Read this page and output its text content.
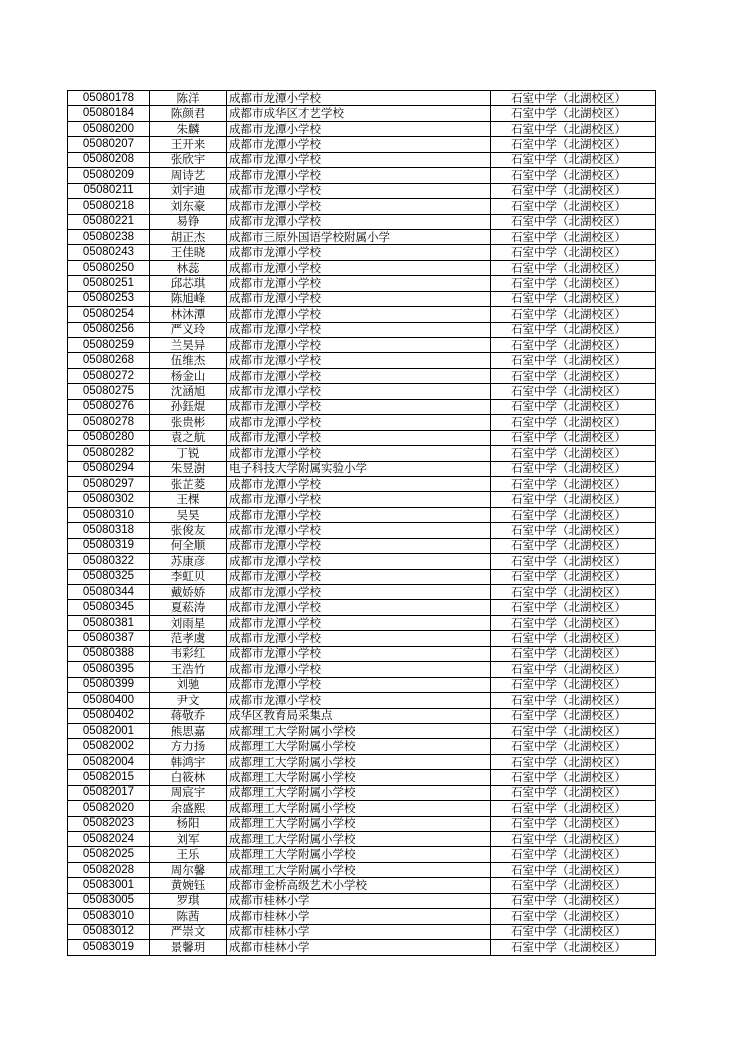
05080178	陈洋	成都市龙潭小学校	石室中学（北湖校区）
05080184	陈颜君	成都市成华区才艺学校	石室中学（北湖校区）
05080200	朱麟	成都市龙潭小学校	石室中学（北湖校区）
05080207	王开来	成都市龙潭小学校	石室中学（北湖校区）
05080208	张欣宇	成都市龙潭小学校	石室中学（北湖校区）
05080209	周诗艺	成都市龙潭小学校	石室中学（北湖校区）
05080211	刘宇迪	成都市龙潭小学校	石室中学（北湖校区）
05080218	刘东豪	成都市龙潭小学校	石室中学（北湖校区）
05080221	易铮	成都市龙潭小学校	石室中学（北湖校区）
05080238	胡正杰	成都市三原外国语学校附属小学	石室中学（北湖校区）
05080243	王佳晓	成都市龙潭小学校	石室中学（北湖校区）
05080250	林蕊	成都市龙潭小学校	石室中学（北湖校区）
05080251	邱芯琪	成都市龙潭小学校	石室中学（北湖校区）
05080253	陈旭峰	成都市龙潭小学校	石室中学（北湖校区）
05080254	林沐潭	成都市龙潭小学校	石室中学（北湖校区）
05080256	严义玲	成都市龙潭小学校	石室中学（北湖校区）
05080259	兰昊异	成都市龙潭小学校	石室中学（北湖校区）
05080268	伍维杰	成都市龙潭小学校	石室中学（北湖校区）
05080272	杨金山	成都市龙潭小学校	石室中学（北湖校区）
05080275	沈涵旭	成都市龙潭小学校	石室中学（北湖校区）
05080276	孙鈺焜	成都市龙潭小学校	石室中学（北湖校区）
05080278	张贵彬	成都市龙潭小学校	石室中学（北湖校区）
05080280	袁之航	成都市龙潭小学校	石室中学（北湖校区）
05080282	丁锐	成都市龙潭小学校	石室中学（北湖校区）
05080294	朱昱澍	电子科技大学附属实验小学	石室中学（北湖校区）
05080297	张芷菱	成都市龙潭小学校	石室中学（北湖校区）
05080302	王棵	成都市龙潭小学校	石室中学（北湖校区）
05080310	吴昊	成都市龙潭小学校	石室中学（北湖校区）
05080318	张俊友	成都市龙潭小学校	石室中学（北湖校区）
05080319	何全顺	成都市龙潭小学校	石室中学（北湖校区）
05080322	苏康彦	成都市龙潭小学校	石室中学（北湖校区）
05080325	李虹贝	成都市龙潭小学校	石室中学（北湖校区）
05080344	戴娇娇	成都市龙潭小学校	石室中学（北湖校区）
05080345	夏菘涛	成都市龙潭小学校	石室中学（北湖校区）
05080381	刘雨星	成都市龙潭小学校	石室中学（北湖校区）
05080387	范孝虞	成都市龙潭小学校	石室中学（北湖校区）
05080388	韦彩红	成都市龙潭小学校	石室中学（北湖校区）
05080395	王浩竹	成都市龙潭小学校	石室中学（北湖校区）
05080399	刘驰	成都市龙潭小学校	石室中学（北湖校区）
05080400	尹文	成都市龙潭小学校	石室中学（北湖校区）
05080402	蒋敬乔	成华区教育局采集点	石室中学（北湖校区）
05082001	熊思嘉	成都理工大学附属小学校	石室中学（北湖校区）
05082002	方力扬	成都理工大学附属小学校	石室中学（北湖校区）
05082004	韩鸿宇	成都理工大学附属小学校	石室中学（北湖校区）
05082015	白筱林	成都理工大学附属小学校	石室中学（北湖校区）
05082017	周宸宇	成都理工大学附属小学校	石室中学（北湖校区）
05082020	余盛熙	成都理工大学附属小学校	石室中学（北湖校区）
05082023	杨阳	成都理工大学附属小学校	石室中学（北湖校区）
05082024	刘军	成都理工大学附属小学校	石室中学（北湖校区）
05082025	王乐	成都理工大学附属小学校	石室中学（北湖校区）
05082028	周尔馨	成都理工大学附属小学校	石室中学（北湖校区）
05083001	黄婉钰	成都市金桥高级艺术小学校	石室中学（北湖校区）
05083005	罗琪	成都市桂林小学	石室中学（北湖校区）
05083010	陈茜	成都市桂林小学	石室中学（北湖校区）
05083012	严崇文	成都市桂林小学	石室中学（北湖校区）
05083019	景馨玥	成都市桂林小学	石室中学（北湖校区）
